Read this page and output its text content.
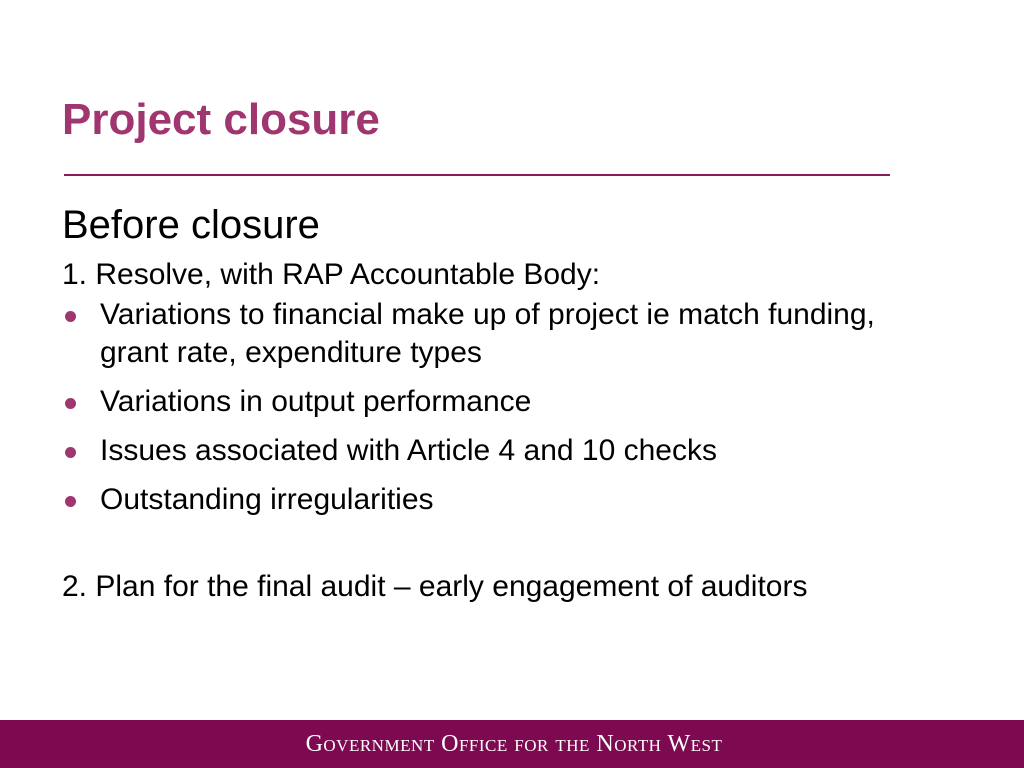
Project closure

Before closure

1. Resolve, with RAP Accountable Body:

Variations to financial make up of project ie match funding, grant rate, expenditure types
Variations in output performance
Issues associated with Article 4 and 10 checks
Outstanding irregularities

2. Plan for the final audit – early engagement of auditors

Government Office for the North West
